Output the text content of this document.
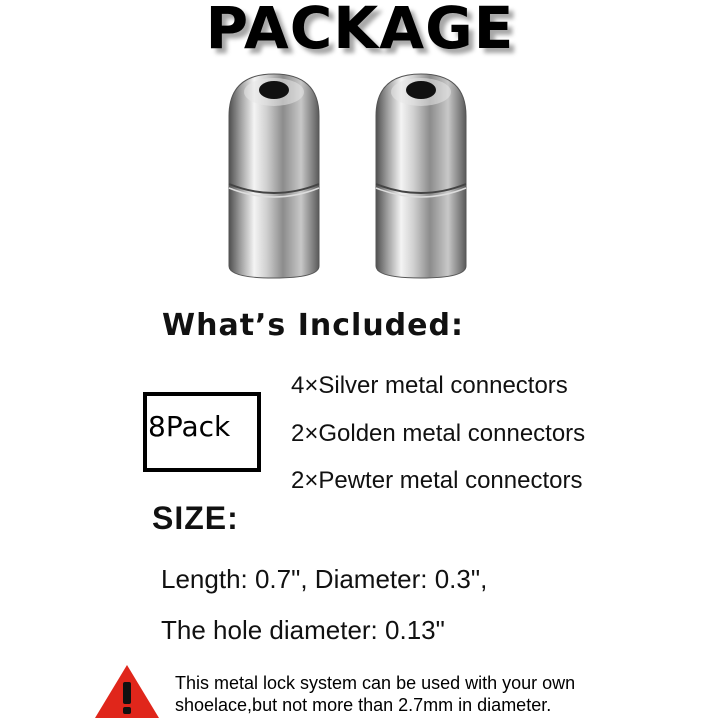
PACKAGE
What’s Included:
8Pack
4×Silver metal connectors
2×Golden metal connectors
2×Pewter metal connectors
SIZE:
Length: 0.7", Diameter: 0.3",
The hole diameter: 0.13"
This metal lock system can be used with your own
shoelace,but not more than 2.7mm in diameter.
